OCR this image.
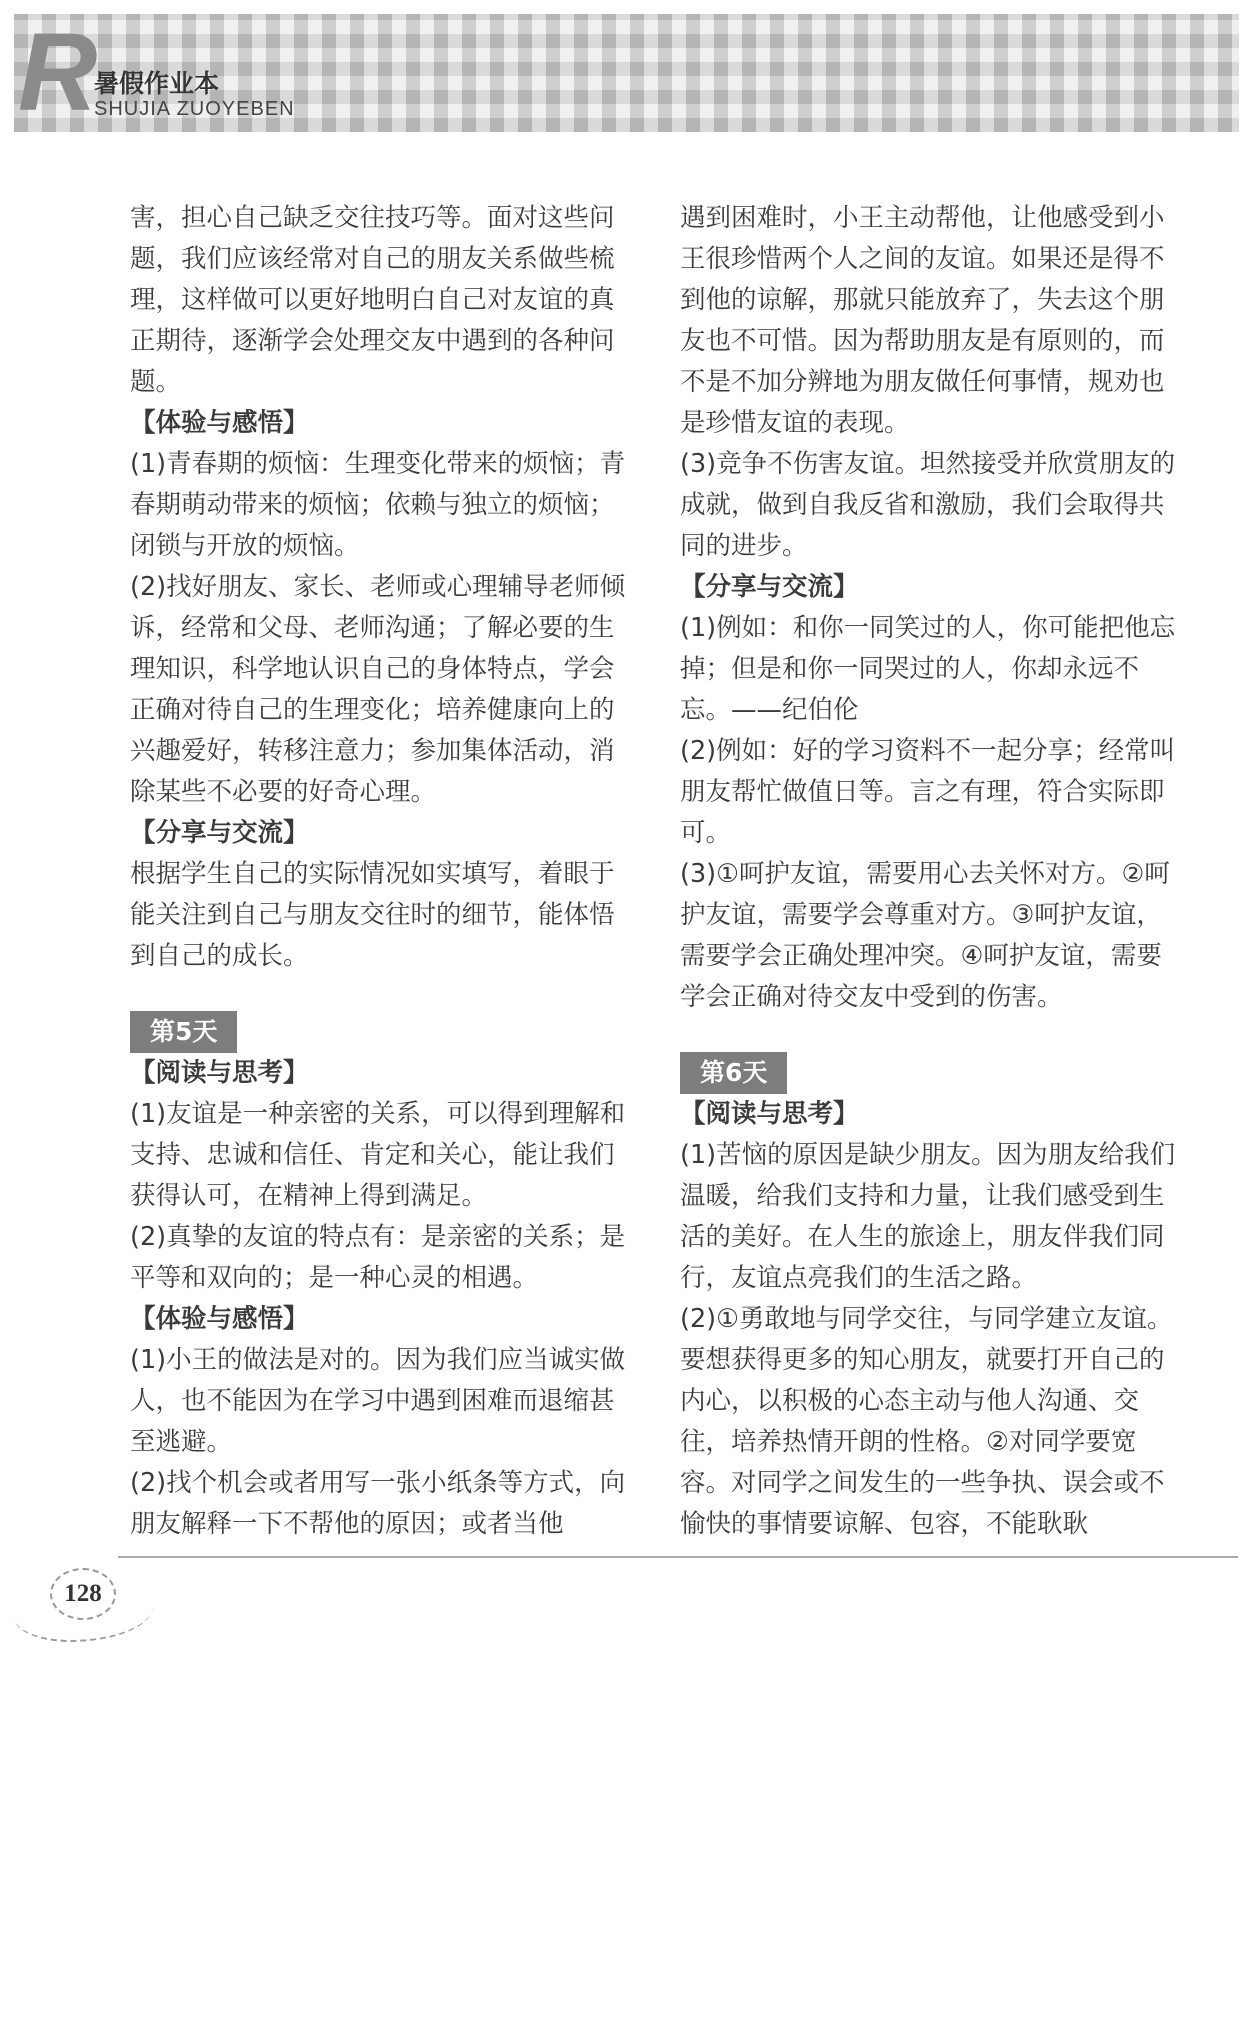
R
暑假作业本
SHUJIA ZUOYEBEN

害，担心自己缺乏交往技巧等。面对这些问题，我们应该经常对自己的朋友关系做些梳理，这样做可以更好地明白自己对友谊的真正期待，逐渐学会处理交友中遇到的各种问题。

【体验与感悟】

(1)青春期的烦恼：生理变化带来的烦恼；青春期萌动带来的烦恼；依赖与独立的烦恼；闭锁与开放的烦恼。

(2)找好朋友、家长、老师或心理辅导老师倾诉，经常和父母、老师沟通；了解必要的生理知识，科学地认识自己的身体特点，学会正确对待自己的生理变化；培养健康向上的兴趣爱好，转移注意力；参加集体活动，消除某些不必要的好奇心理。

【分享与交流】

根据学生自己的实际情况如实填写，着眼于能关注到自己与朋友交往时的细节，能体悟到自己的成长。

第5天

【阅读与思考】

(1)友谊是一种亲密的关系，可以得到理解和支持、忠诚和信任、肯定和关心，能让我们获得认可，在精神上得到满足。

(2)真挚的友谊的特点有：是亲密的关系；是平等和双向的；是一种心灵的相遇。

【体验与感悟】

(1)小王的做法是对的。因为我们应当诚实做人，也不能因为在学习中遇到困难而退缩甚至逃避。

(2)找个机会或者用写一张小纸条等方式，向朋友解释一下不帮他的原因；或者当他

遇到困难时，小王主动帮他，让他感受到小王很珍惜两个人之间的友谊。如果还是得不到他的谅解，那就只能放弃了，失去这个朋友也不可惜。因为帮助朋友是有原则的，而不是不加分辨地为朋友做任何事情，规劝也是珍惜友谊的表现。

(3)竞争不伤害友谊。坦然接受并欣赏朋友的成就，做到自我反省和激励，我们会取得共同的进步。

【分享与交流】

(1)例如：和你一同笑过的人，你可能把他忘掉；但是和你一同哭过的人，你却永远不忘。——纪伯伦

(2)例如：好的学习资料不一起分享；经常叫朋友帮忙做值日等。言之有理，符合实际即可。

(3)①呵护友谊，需要用心去关怀对方。②呵护友谊，需要学会尊重对方。③呵护友谊，需要学会正确处理冲突。④呵护友谊，需要学会正确对待交友中受到的伤害。

第6天

【阅读与思考】

(1)苦恼的原因是缺少朋友。因为朋友给我们温暖，给我们支持和力量，让我们感受到生活的美好。在人生的旅途上，朋友伴我们同行，友谊点亮我们的生活之路。

(2)①勇敢地与同学交往，与同学建立友谊。要想获得更多的知心朋友，就要打开自己的内心，以积极的心态主动与他人沟通、交往，培养热情开朗的性格。②对同学要宽容。对同学之间发生的一些争执、误会或不愉快的事情要谅解、包容，不能耿耿

128
